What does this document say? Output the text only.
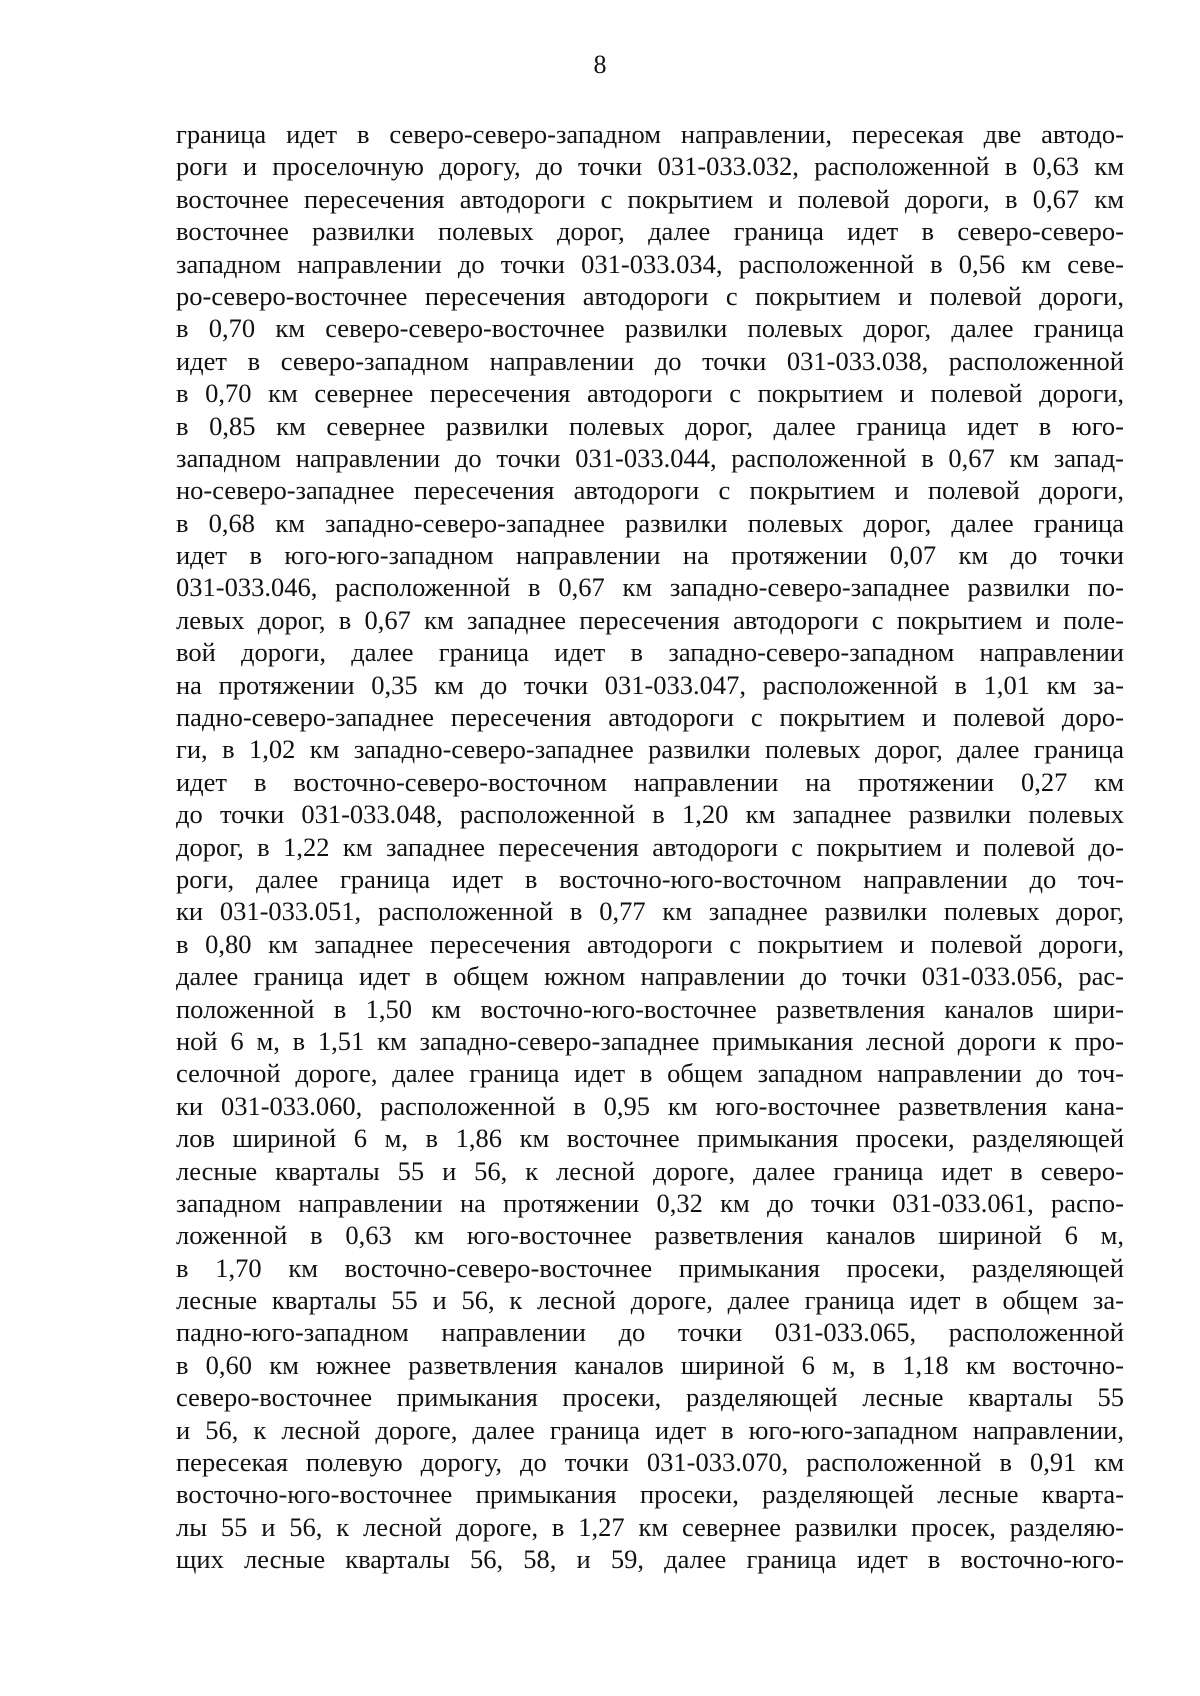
8
граница идет в северо-северо-западном направлении, пересекая две автодо-
роги и проселочную дорогу, до точки 031-033.032, расположенной в 0,63 км
восточнее пересечения автодороги с покрытием и полевой дороги, в 0,67 км
восточнее развилки полевых дорог, далее граница идет в северо-северо-
западном направлении до точки 031-033.034, расположенной в 0,56 км севе-
ро-северо-восточнее пересечения автодороги с покрытием и полевой дороги,
в 0,70 км северо-северо-восточнее развилки полевых дорог, далее граница
идет в северо-западном направлении до точки 031-033.038, расположенной
в 0,70 км севернее пересечения автодороги с покрытием и полевой дороги,
в 0,85 км севернее развилки полевых дорог, далее граница идет в юго-
западном направлении до точки 031-033.044, расположенной в 0,67 км запад-
но-северо-западнее пересечения автодороги с покрытием и полевой дороги,
в 0,68 км западно-северо-западнее развилки полевых дорог, далее граница
идет в юго-юго-западном направлении на протяжении 0,07 км до точки
031-033.046, расположенной в 0,67 км западно-северо-западнее развилки по-
левых дорог, в 0,67 км западнее пересечения автодороги с покрытием и поле-
вой дороги, далее граница идет в западно-северо-западном направлении
на протяжении 0,35 км до точки 031-033.047, расположенной в 1,01 км за-
падно-северо-западнее пересечения автодороги с покрытием и полевой доро-
ги, в 1,02 км западно-северо-западнее развилки полевых дорог, далее граница
идет в восточно-северо-восточном направлении на протяжении 0,27 км
до точки 031-033.048, расположенной в 1,20 км западнее развилки полевых
дорог, в 1,22 км западнее пересечения автодороги с покрытием и полевой до-
роги, далее граница идет в восточно-юго-восточном направлении до точ-
ки 031-033.051, расположенной в 0,77 км западнее развилки полевых дорог,
в 0,80 км западнее пересечения автодороги с покрытием и полевой дороги,
далее граница идет в общем южном направлении до точки 031-033.056, рас-
положенной в 1,50 км восточно-юго-восточнее разветвления каналов шири-
ной 6 м, в 1,51 км западно-северо-западнее примыкания лесной дороги к про-
селочной дороге, далее граница идет в общем западном направлении до точ-
ки 031-033.060, расположенной в 0,95 км юго-восточнее разветвления кана-
лов шириной 6 м, в 1,86 км восточнее примыкания просеки, разделяющей
лесные кварталы 55 и 56, к лесной дороге, далее граница идет в северо-
западном направлении на протяжении 0,32 км до точки 031-033.061, распо-
ложенной в 0,63 км юго-восточнее разветвления каналов шириной 6 м,
в 1,70 км восточно-северо-восточнее примыкания просеки, разделяющей
лесные кварталы 55 и 56, к лесной дороге, далее граница идет в общем за-
падно-юго-западном направлении до точки 031-033.065, расположенной
в 0,60 км южнее разветвления каналов шириной 6 м, в 1,18 км восточно-
северо-восточнее примыкания просеки, разделяющей лесные кварталы 55
и 56, к лесной дороге, далее граница идет в юго-юго-западном направлении,
пересекая полевую дорогу, до точки 031-033.070, расположенной в 0,91 км
восточно-юго-восточнее примыкания просеки, разделяющей лесные кварта-
лы 55 и 56, к лесной дороге, в 1,27 км севернее развилки просек, разделяю-
щих лесные кварталы 56, 58, и 59, далее граница идет в восточно-юго-
